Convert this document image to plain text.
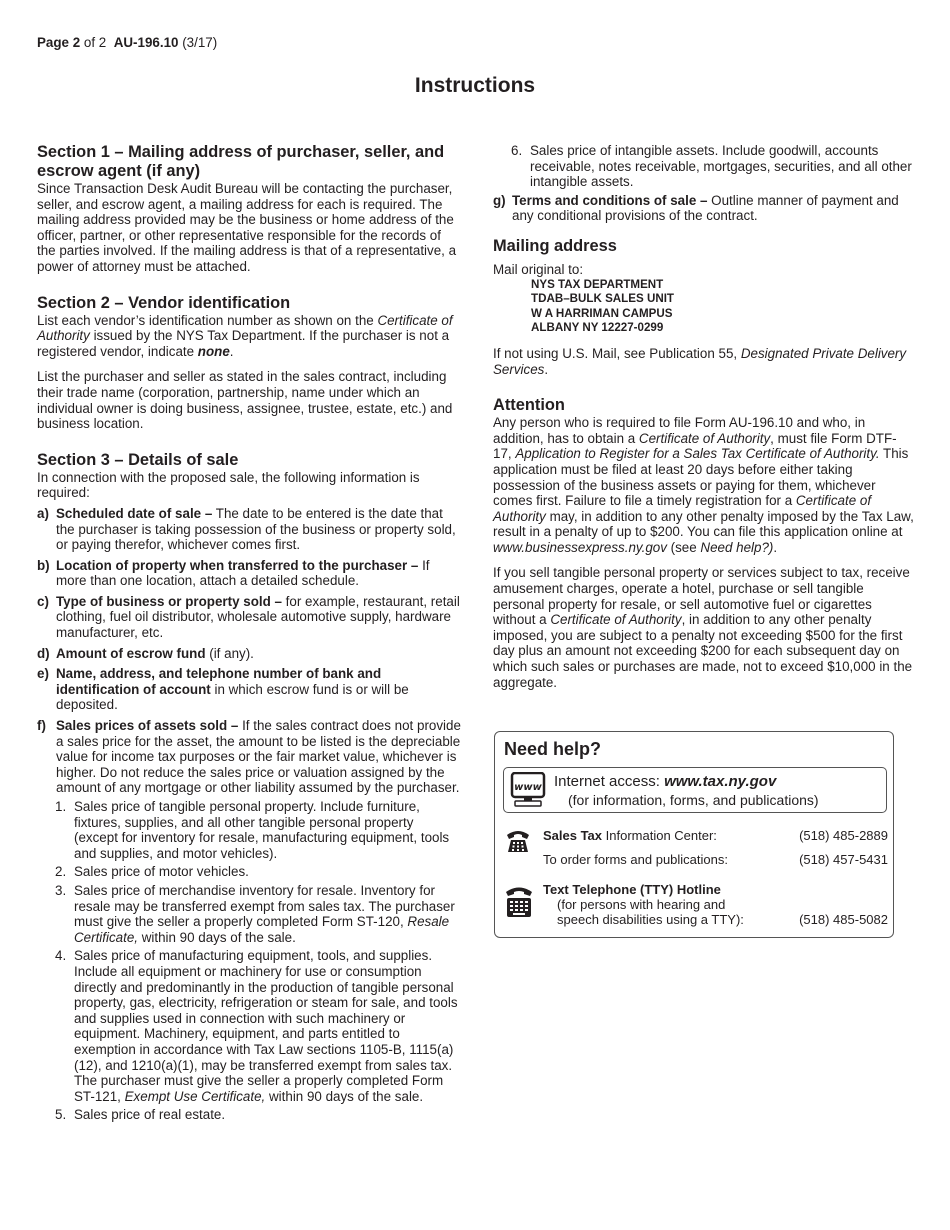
Page 2 of 2 AU-196.10 (3/17)
Instructions
Section 1 – Mailing address of purchaser, seller, and escrow agent (if any)

Since Transaction Desk Audit Bureau will be contacting the purchaser, seller, and escrow agent, a mailing address for each is required. The mailing address provided may be the business or home address of the officer, partner, or other representative responsible for the records of the parties involved. If the mailing address is that of a representative, a power of attorney must be attached.

Section 2 – Vendor identification

List each vendor’s identification number as shown on the Certificate of Authority issued by the NYS Tax Department. If the purchaser is not a registered vendor, indicate none.

List the purchaser and seller as stated in the sales contract, including their trade name (corporation, partnership, name under which an individual owner is doing business, assignee, trustee, estate, etc.) and business location.

Section 3 – Details of sale

In connection with the proposed sale, the following information is required:

a) Scheduled date of sale – The date to be entered is the date that the purchaser is taking possession of the business or property sold, or paying therefor, whichever comes first.
b) Location of property when transferred to the purchaser – If more than one location, attach a detailed schedule.
c) Type of business or property sold – for example, restaurant, retail clothing, fuel oil distributor, wholesale automotive supply, hardware manufacturer, etc.
d) Amount of escrow fund (if any).
e) Name, address, and telephone number of bank and identification of account in which escrow fund is or will be deposited.
f) Sales prices of assets sold – If the sales contract does not provide a sales price for the asset, the amount to be listed is the depreciable value for income tax purposes or the fair market value, whichever is higher. Do not reduce the sales price or valuation assigned by the amount of any mortgage or other liability assumed by the purchaser.
1. Sales price of tangible personal property. Include furniture, fixtures, supplies, and all other tangible personal property (except for inventory for resale, manufacturing equipment, tools and supplies, and motor vehicles).
2. Sales price of motor vehicles.
3. Sales price of merchandise inventory for resale. Inventory for resale may be transferred exempt from sales tax. The purchaser must give the seller a properly completed Form ST-120, Resale Certificate, within 90 days of the sale.
4. Sales price of manufacturing equipment, tools, and supplies. Include all equipment or machinery for use or consumption directly and predominantly in the production of tangible personal property, gas, electricity, refrigeration or steam for sale, and tools and supplies used in connection with such machinery or equipment. Machinery, equipment, and parts entitled to exemption in accordance with Tax Law sections 1105-B, 1115(a)(12), and 1210(a)(1), may be transferred exempt from sales tax. The purchaser must give the seller a properly completed Form ST-121, Exempt Use Certificate, within 90 days of the sale.
5. Sales price of real estate.
6. Sales price of intangible assets. Include goodwill, accounts receivable, notes receivable, mortgages, securities, and all other intangible assets.
g) Terms and conditions of sale – Outline manner of payment and any conditional provisions of the contract.
Mailing address

Mail original to:

NYS TAX DEPARTMENT
TDAB–BULK SALES UNIT
W A HARRIMAN CAMPUS
ALBANY NY 12227-0299

If not using U.S. Mail, see Publication 55, Designated Private Delivery Services.

Attention

Any person who is required to file Form AU-196.10 and who, in addition, has to obtain a Certificate of Authority, must file Form DTF-17, Application to Register for a Sales Tax Certificate of Authority. This application must be filed at least 20 days before either taking possession of the business assets or paying for them, whichever comes first. Failure to file a timely registration for a Certificate of Authority may, in addition to any other penalty imposed by the Tax Law, result in a penalty of up to $200. You can file this application online at www.businessexpress.ny.gov (see Need help?).

If you sell tangible personal property or services subject to tax, receive amusement charges, operate a hotel, purchase or sell tangible personal property for resale, or sell automotive fuel or cigarettes without a Certificate of Authority, in addition to any other penalty imposed, you are subject to a penalty not exceeding $500 for the first day plus an amount not exceeding $200 for each subsequent day on which such sales or purchases are made, not to exceed $10,000 in the aggregate.

Need help?
www Internet access: www.tax.ny.gov
(for information, forms, and publications)
Sales Tax Information Center:	(518) 485-2889
To order forms and publications:	(518) 457-5431
Text Telephone (TTY) Hotline
(for persons with hearing and
speech disabilities using a TTY):	(518) 485-5082
